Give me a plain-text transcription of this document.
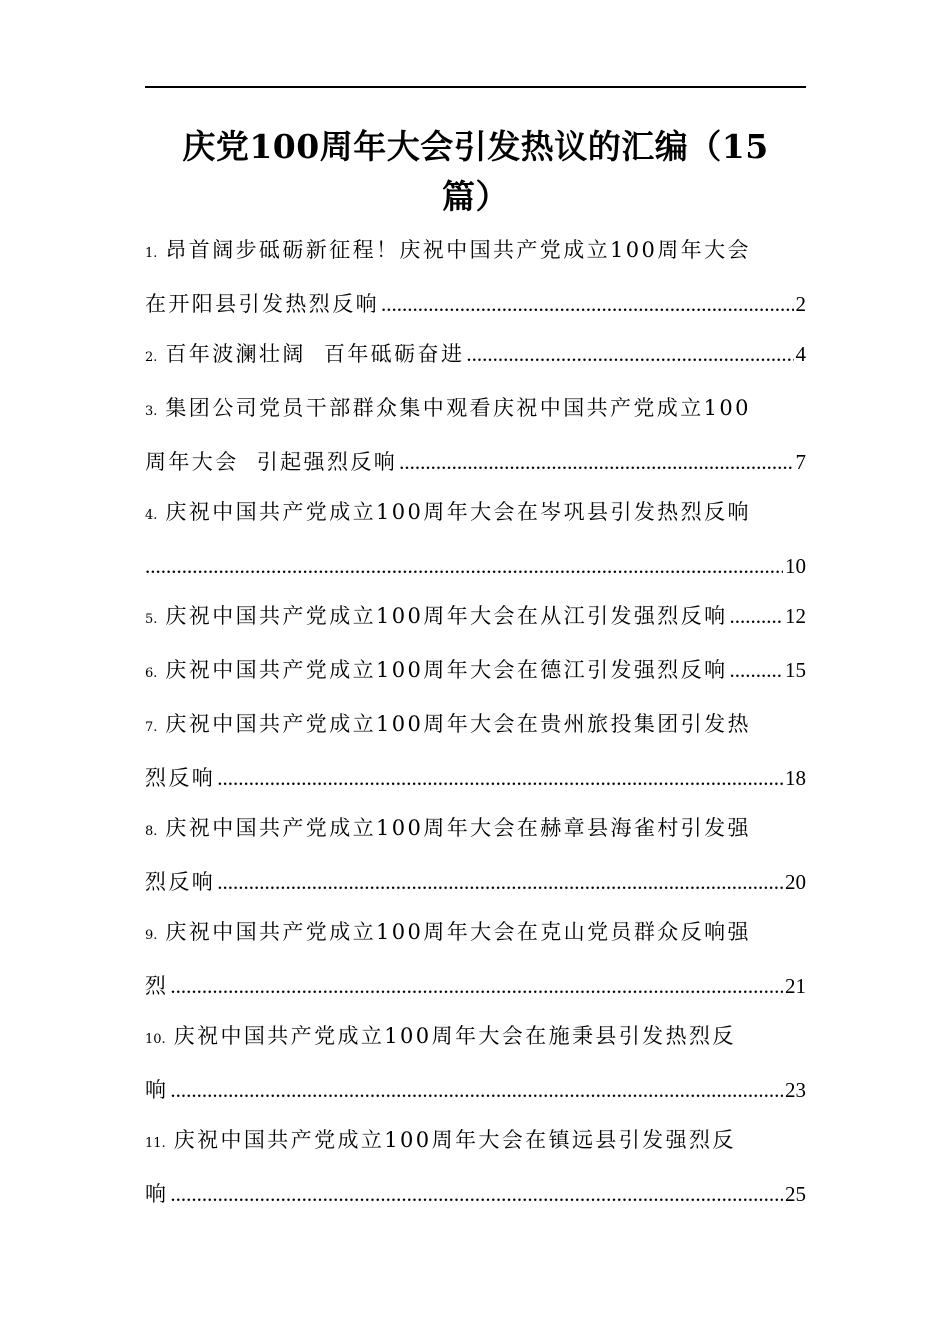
庆党100周年大会引发热议的汇编（15
篇）
1. 昂首阔步砥砺新征程！庆祝中国共产党成立100周年大会
在开阳县引发热烈反响 .....	2
2. 百年波澜壮阔  百年砥砺奋进 .....	4
3. 集团公司党员干部群众集中观看庆祝中国共产党成立100
周年大会  引起强烈反响 .....	7
4. 庆祝中国共产党成立100周年大会在岑巩县引发热烈反响
.....
10
5. 庆祝中国共产党成立100周年大会在从江引发强烈反响 .....	12
6. 庆祝中国共产党成立100周年大会在德江引发强烈反响 .....	15
7. 庆祝中国共产党成立100周年大会在贵州旅投集团引发热
烈反响 .....	18
8. 庆祝中国共产党成立100周年大会在赫章县海雀村引发强
烈反响 .....	20
9. 庆祝中国共产党成立100周年大会在克山党员群众反响强
烈 .....	21
10. 庆祝中国共产党成立100周年大会在施秉县引发热烈反
响 .....	23
11. 庆祝中国共产党成立100周年大会在镇远县引发强烈反
响 .....	25
